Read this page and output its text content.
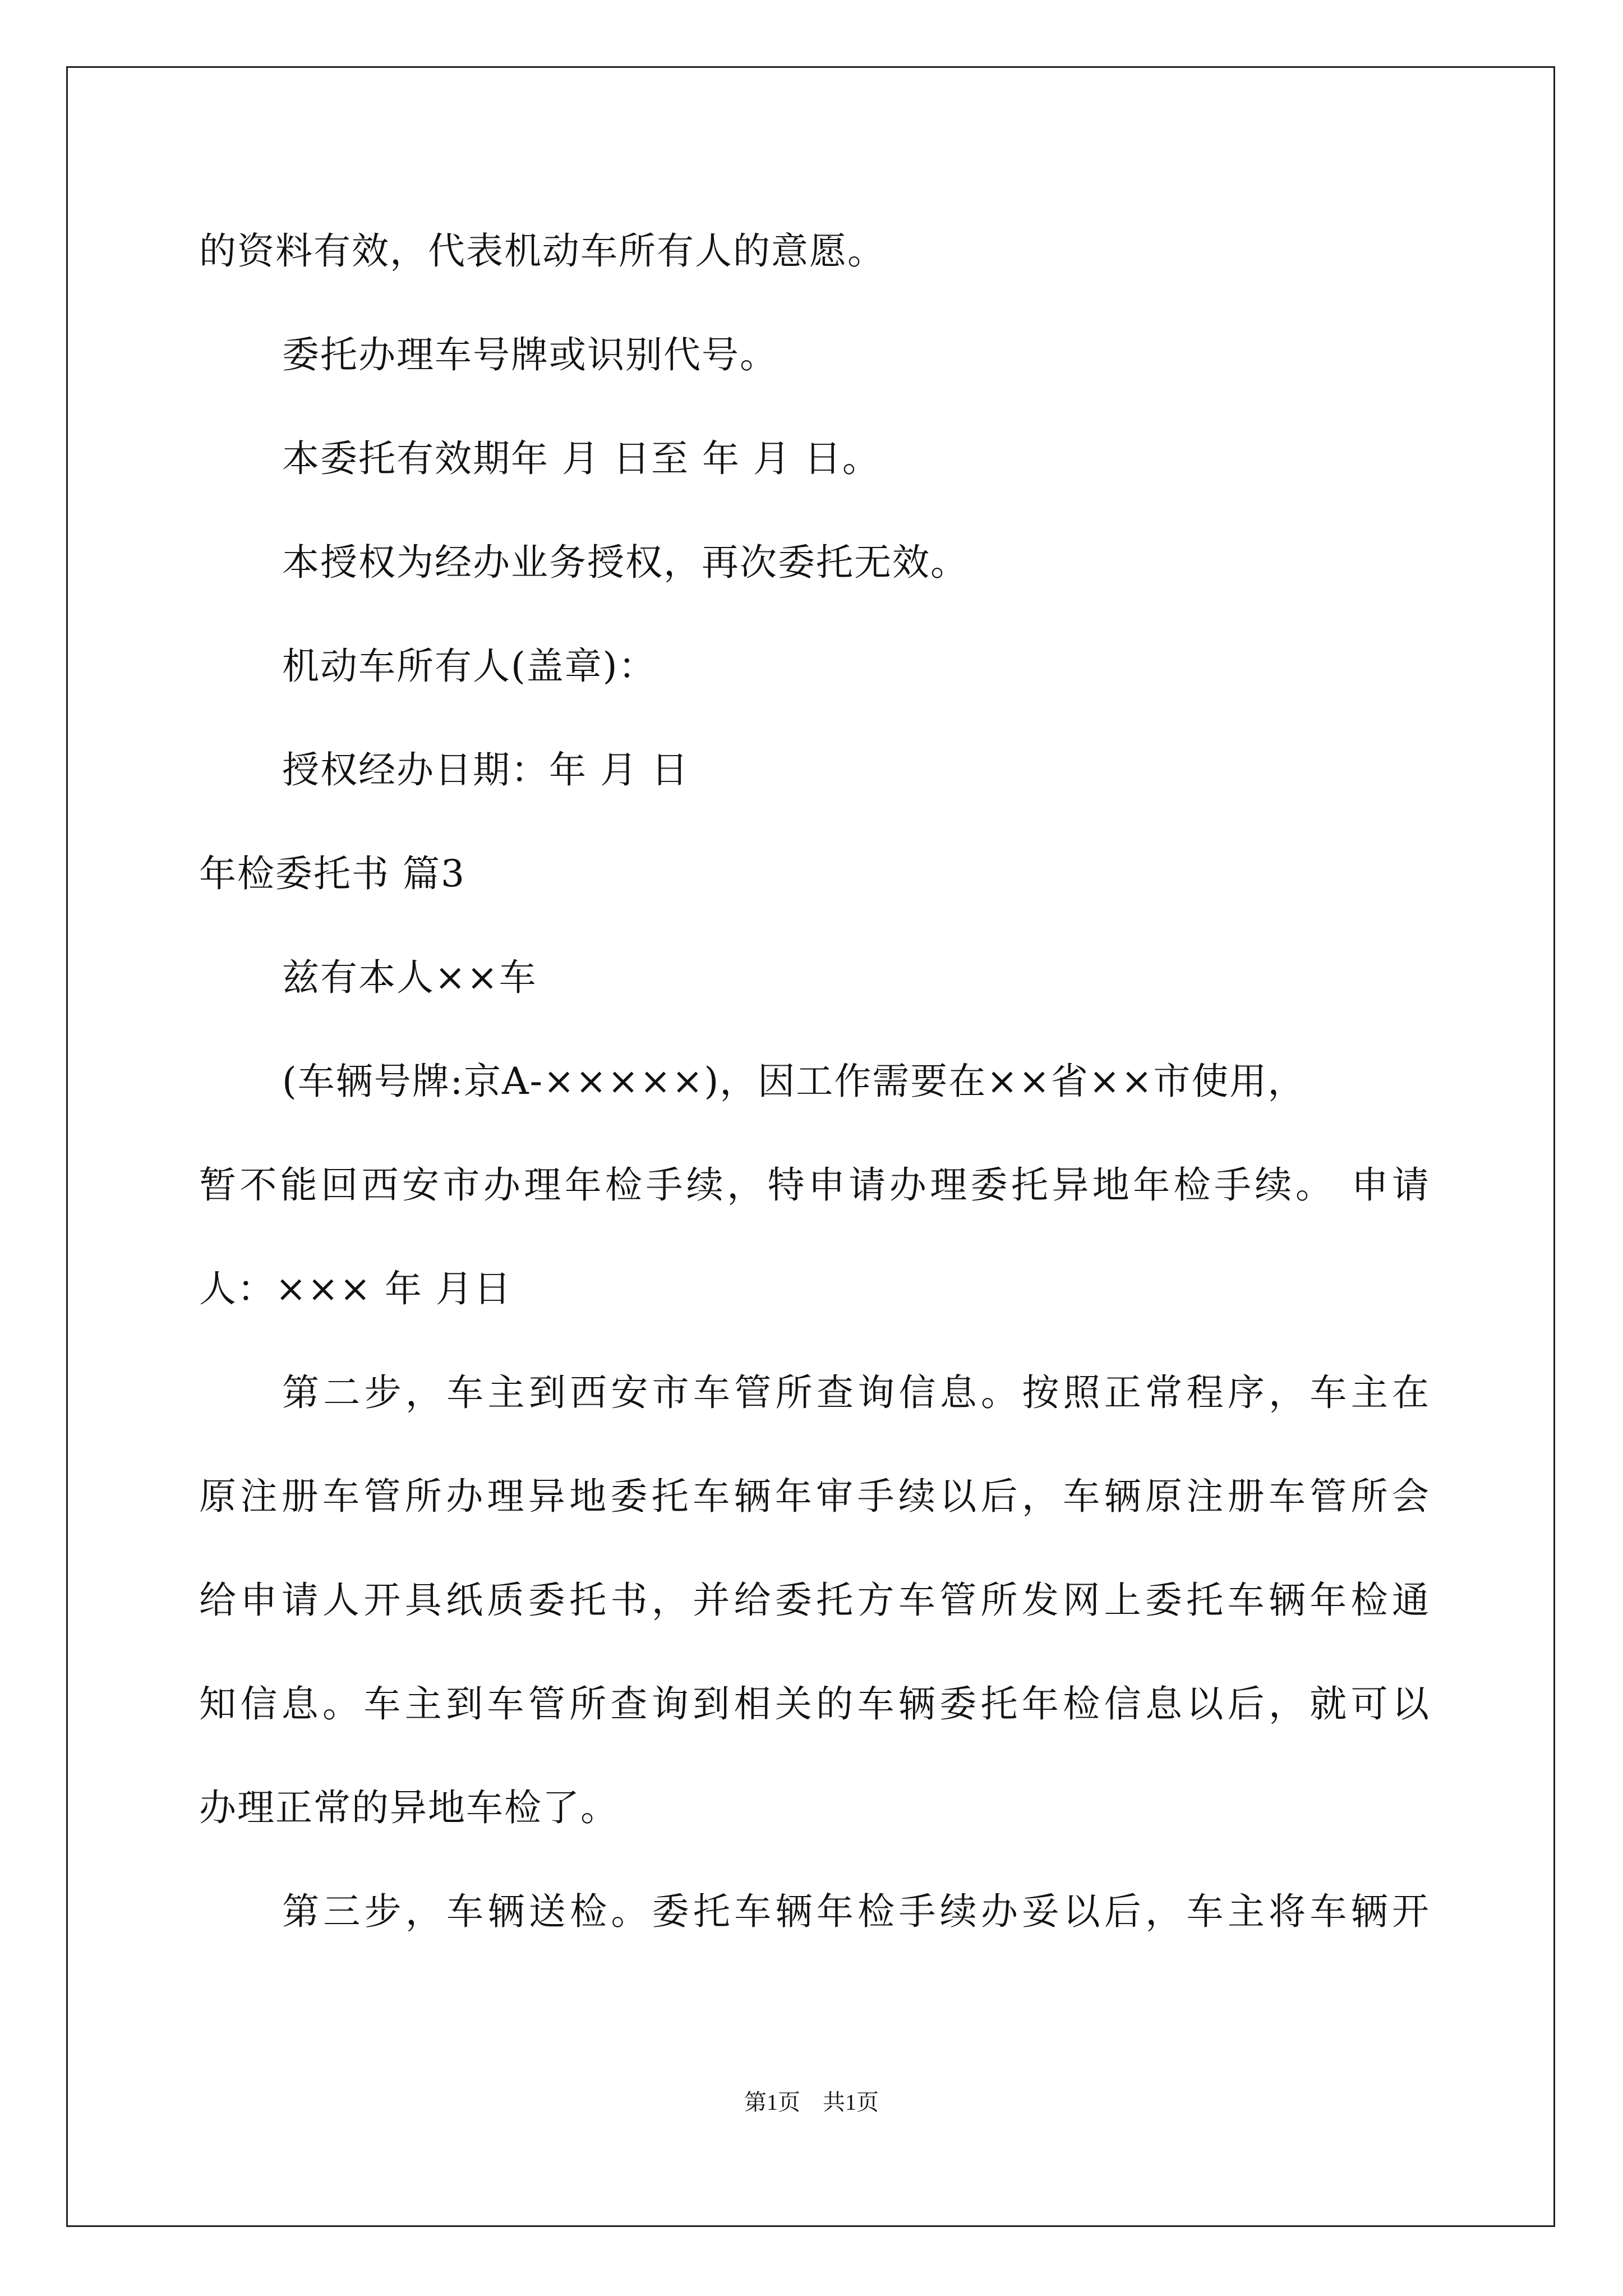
的资料有效，代表机动车所有人的意愿。
委托办理车号牌或识别代号。
本委托有效期年 月 日至 年 月 日。
本授权为经办业务授权，再次委托无效。
机动车所有人(盖章)：
授权经办日期：年 月 日
年检委托书 篇3
兹有本人××车
(车辆号牌:京A-×××××)，因工作需要在××省××市使用，
暂不能回西安市办理年检手续，特申请办理委托异地年检手续。 申请
人：××× 年 月日
第二步，车主到西安市车管所查询信息。按照正常程序，车主在
原注册车管所办理异地委托车辆年审手续以后，车辆原注册车管所会
给申请人开具纸质委托书，并给委托方车管所发网上委托车辆年检通
知信息。车主到车管所查询到相关的车辆委托年检信息以后，就可以
办理正常的异地车检了。
第三步，车辆送检。委托车辆年检手续办妥以后，车主将车辆开
第1页　共1页
